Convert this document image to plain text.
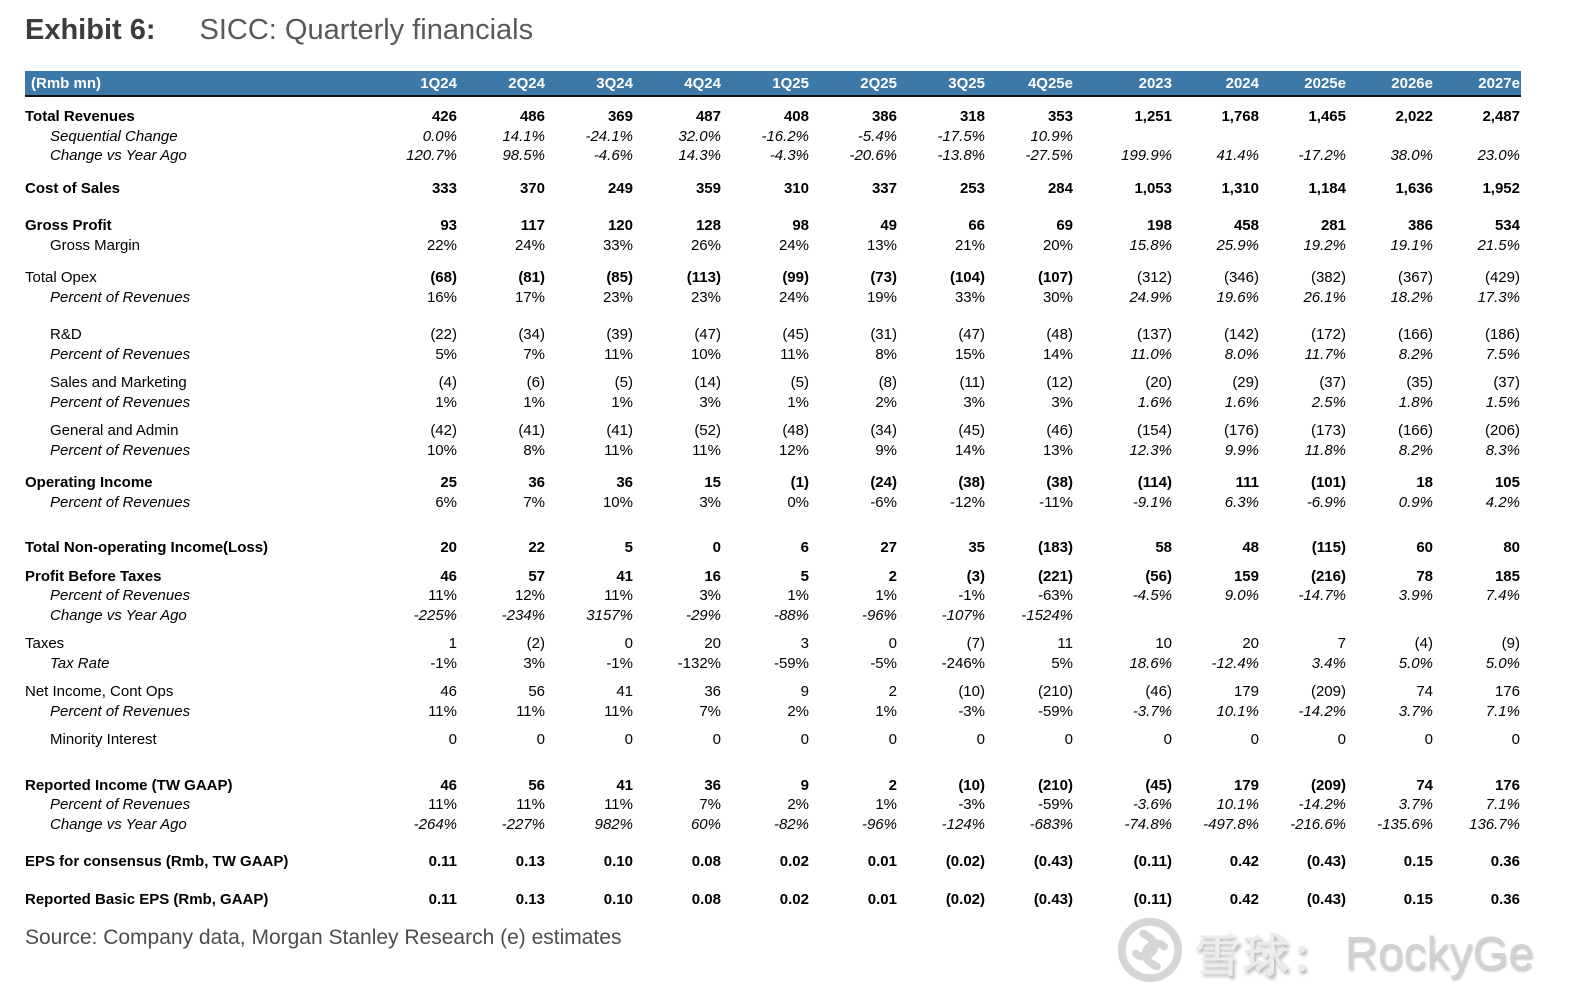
Exhibit 6: SICC: Quarterly financials
(Rmb mn)	1Q24	2Q24	3Q24	4Q24	1Q25	2Q25	3Q25	4Q25e	2023	2024	2025e	2026e	2027e
Total Revenues	426	486	369	487	408	386	318	353	1,251	1,768	1,465	2,022	2,487
Sequential Change	0.0%	14.1%	-24.1%	32.0%	-16.2%	-5.4%	-17.5%	10.9%					
Change vs Year Ago	120.7%	98.5%	-4.6%	14.3%	-4.3%	-20.6%	-13.8%	-27.5%	199.9%	41.4%	-17.2%	38.0%	23.0%
Cost of Sales	333	370	249	359	310	337	253	284	1,053	1,310	1,184	1,636	1,952
Gross Profit	93	117	120	128	98	49	66	69	198	458	281	386	534
Gross Margin	22%	24%	33%	26%	24%	13%	21%	20%	15.8%	25.9%	19.2%	19.1%	21.5%
Total Opex	(68)	(81)	(85)	(113)	(99)	(73)	(104)	(107)	(312)	(346)	(382)	(367)	(429)
Percent of Revenues	16%	17%	23%	23%	24%	19%	33%	30%	24.9%	19.6%	26.1%	18.2%	17.3%
R&D	(22)	(34)	(39)	(47)	(45)	(31)	(47)	(48)	(137)	(142)	(172)	(166)	(186)
Percent of Revenues	5%	7%	11%	10%	11%	8%	15%	14%	11.0%	8.0%	11.7%	8.2%	7.5%
Sales and Marketing	(4)	(6)	(5)	(14)	(5)	(8)	(11)	(12)	(20)	(29)	(37)	(35)	(37)
Percent of Revenues	1%	1%	1%	3%	1%	2%	3%	3%	1.6%	1.6%	2.5%	1.8%	1.5%
General and Admin	(42)	(41)	(41)	(52)	(48)	(34)	(45)	(46)	(154)	(176)	(173)	(166)	(206)
Percent of Revenues	10%	8%	11%	11%	12%	9%	14%	13%	12.3%	9.9%	11.8%	8.2%	8.3%
Operating Income	25	36	36	15	(1)	(24)	(38)	(38)	(114)	111	(101)	18	105
Percent of Revenues	6%	7%	10%	3%	0%	-6%	-12%	-11%	-9.1%	6.3%	-6.9%	0.9%	4.2%
Total Non-operating Income(Loss)	20	22	5	0	6	27	35	(183)	58	48	(115)	60	80
Profit Before Taxes	46	57	41	16	5	2	(3)	(221)	(56)	159	(216)	78	185
Percent of Revenues	11%	12%	11%	3%	1%	1%	-1%	-63%	-4.5%	9.0%	-14.7%	3.9%	7.4%
Change vs Year Ago	-225%	-234%	3157%	-29%	-88%	-96%	-107%	-1524%					
Taxes	1	(2)	0	20	3	0	(7)	11	10	20	7	(4)	(9)
Tax Rate	-1%	3%	-1%	-132%	-59%	-5%	-246%	5%	18.6%	-12.4%	3.4%	5.0%	5.0%
Net Income, Cont Ops	46	56	41	36	9	2	(10)	(210)	(46)	179	(209)	74	176
Percent of Revenues	11%	11%	11%	7%	2%	1%	-3%	-59%	-3.7%	10.1%	-14.2%	3.7%	7.1%
Minority Interest	0	0	0	0	0	0	0	0	0	0	0	0	0
Reported Income (TW GAAP)	46	56	41	36	9	2	(10)	(210)	(45)	179	(209)	74	176
Percent of Revenues	11%	11%	11%	7%	2%	1%	-3%	-59%	-3.6%	10.1%	-14.2%	3.7%	7.1%
Change vs Year Ago	-264%	-227%	982%	60%	-82%	-96%	-124%	-683%	-74.8%	-497.8%	-216.6%	-135.6%	136.7%
EPS for consensus (Rmb, TW GAAP)	0.11	0.13	0.10	0.08	0.02	0.01	(0.02)	(0.43)	(0.11)	0.42	(0.43)	0.15	0.36
Reported Basic EPS (Rmb, GAAP)	0.11	0.13	0.10	0.08	0.02	0.01	(0.02)	(0.43)	(0.11)	0.42	(0.43)	0.15	0.36
Source: Company data, Morgan Stanley Research (e) estimates	雪球： RockyGe
